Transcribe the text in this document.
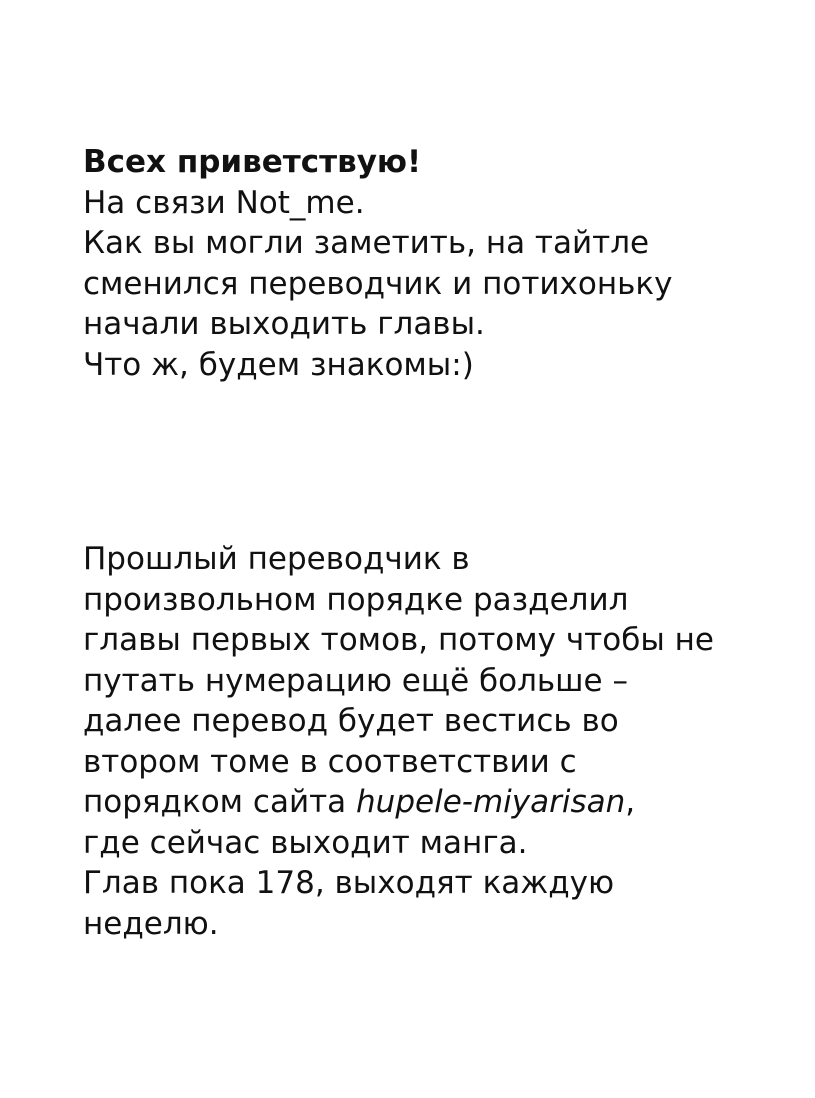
Всех приветствую!
На связи Not_me.
Как вы могли заметить, на тайтле
сменился переводчик и потихоньку
начали выходить главы.
Что ж, будем знакомы:)
Прошлый переводчик в
произвольном порядке разделил
главы первых томов, потому чтобы не
путать нумерацию ещё больше –
далее перевод будет вестись во
втором томе в соответствии с
порядком сайта hupele-miyarisan,
где сейчас выходит манга.
Глав пока 178, выходят каждую
неделю.
